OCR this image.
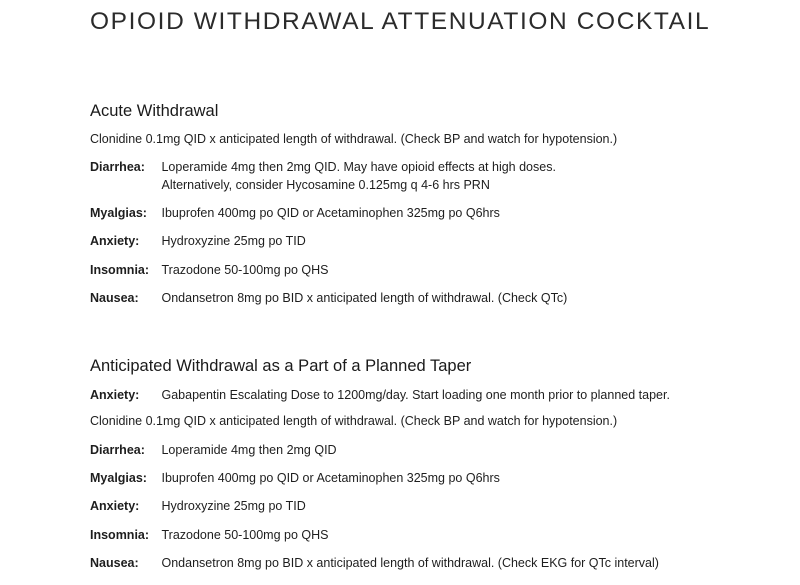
OPIOID WITHDRAWAL ATTENUATION COCKTAIL
Acute Withdrawal
Clonidine 0.1mg QID x anticipated length of withdrawal. (Check BP and watch for hypotension.)
Diarrhea: Loperamide 4mg then 2mg QID. May have opioid effects at high doses.
Alternatively, consider Hycosamine 0.125mg q 4-6 hrs PRN
Myalgias: Ibuprofen 400mg po QID or Acetaminophen 325mg po Q6hrs
Anxiety: Hydroxyzine 25mg po TID
Insomnia: Trazodone 50-100mg po QHS
Nausea: Ondansetron 8mg po BID x anticipated length of withdrawal. (Check QTc)
Anticipated Withdrawal as a Part of a Planned Taper
Anxiety: Gabapentin Escalating Dose to 1200mg/day. Start loading one month prior to planned taper.
Clonidine 0.1mg QID x anticipated length of withdrawal. (Check BP and watch for hypotension.)
Diarrhea: Loperamide 4mg then 2mg QID
Myalgias: Ibuprofen 400mg po QID or Acetaminophen 325mg po Q6hrs
Anxiety: Hydroxyzine 25mg po TID
Insomnia: Trazodone 50-100mg po QHS
Nausea: Ondansetron 8mg po BID x anticipated length of withdrawal. (Check EKG for QTc interval)
